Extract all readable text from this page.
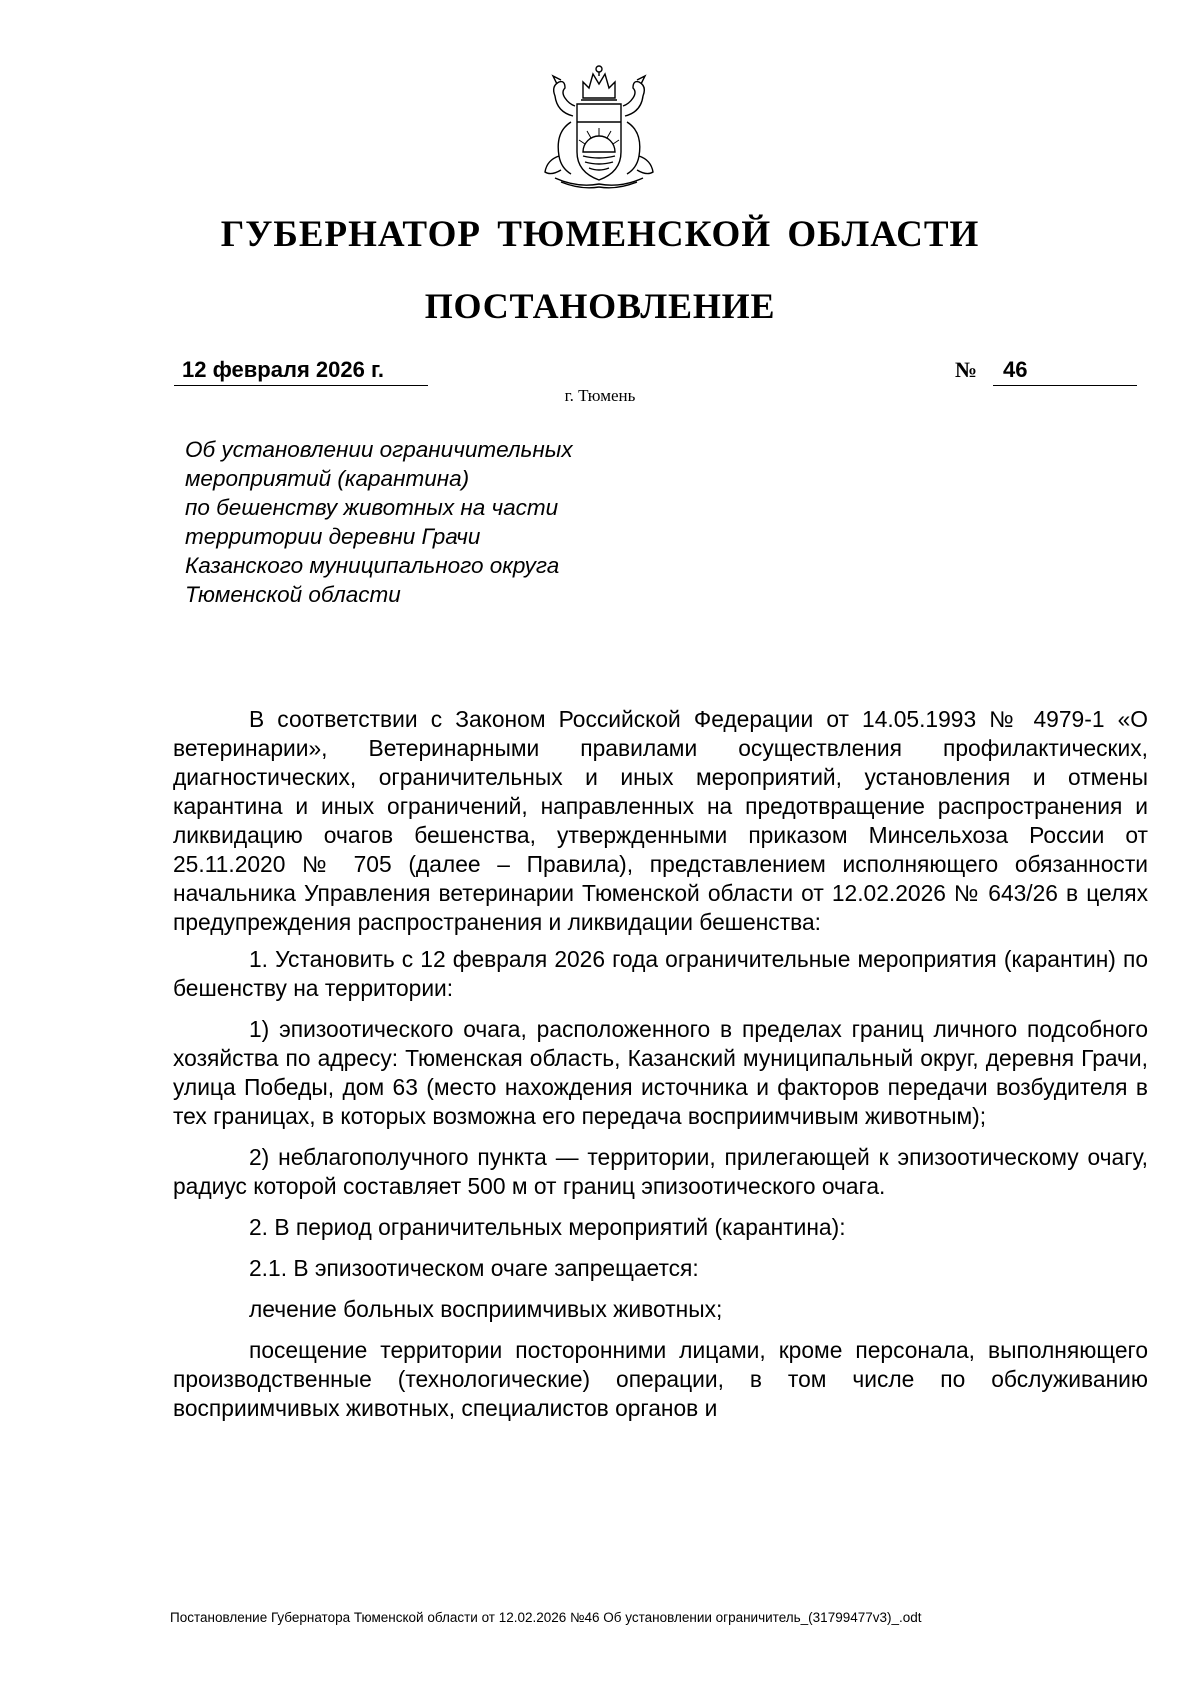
ГУБЕРНАТОР ТЮМЕНСКОЙ ОБЛАСТИ
ПОСТАНОВЛЕНИЕ
12 февраля 2026 г.	№	46
г. Тюмень
Об установлении ограничительных
мероприятий (карантина)
по бешенству животных на части
территории деревни Грачи
Казанского муниципального округа
Тюменской области

В соответствии с Законом Российской Федерации от 14.05.1993 № 4979-1 «О ветеринарии», Ветеринарными правилами осуществления профилактических, диагностических, ограничительных и иных мероприятий, установления и отмены карантина и иных ограничений, направленных на предотвращение распространения и ликвидацию очагов бешенства, утвержденными приказом Минсельхоза России от 25.11.2020 № 705 (далее – Правила), представлением исполняющего обязанности начальника Управления ветеринарии Тюменской области от 12.02.2026 № 643/26 в целях предупреждения распространения и ликвидации бешенства:

1. Установить с 12 февраля 2026 года ограничительные мероприятия (карантин) по бешенству на территории:

1) эпизоотического очага, расположенного в пределах границ личного подсобного хозяйства по адресу: Тюменская область, Казанский муниципальный округ, деревня Грачи, улица Победы, дом 63 (место нахождения источника и факторов передачи возбудителя в тех границах, в которых возможна его передача восприимчивым животным);

2) неблагополучного пункта — территории, прилегающей к эпизоотическому очагу, радиус которой составляет 500 м от границ эпизоотического очага.

2. В период ограничительных мероприятий (карантина):

2.1. В эпизоотическом очаге запрещается:

лечение больных восприимчивых животных;

посещение территории посторонними лицами, кроме персонала, выполняющего производственные (технологические) операции, в том числе по обслуживанию восприимчивых животных, специалистов органов и

Постановление Губернатора Тюменской области от 12.02.2026 №46 Об установлении ограничитель_(31799477v3)_.odt
